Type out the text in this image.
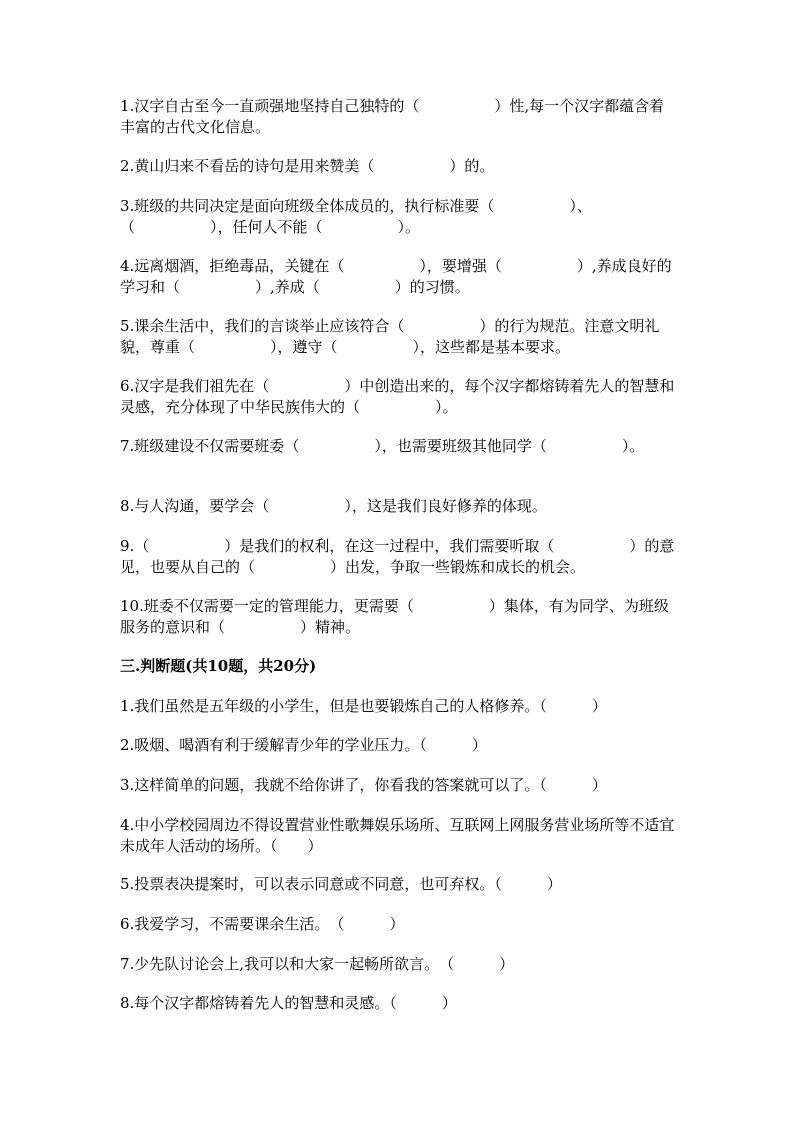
1.汉字自古至今一直顽强地坚持自己独特的（　　　　　）性,每一个汉字都蕴含着丰富的古代文化信息。

2.黄山归来不看岳的诗句是用来赞美（　　　　　）的。

3.班级的共同决定是面向班级全体成员的，执行标准要（　　　　　）、（　　　　　），任何人不能（　　　　　）。

4.远离烟酒，拒绝毒品，关键在（　　　　　），要增强（　　　　　）,养成良好的学习和（　　　　　）,养成（　　　　　）的习惯。

5.课余生活中，我们的言谈举止应该符合（　　　　　）的行为规范。注意文明礼貌，尊重（　　　　　），遵守（　　　　　），这些都是基本要求。

6.汉字是我们祖先在（　　　　　）中创造出来的，每个汉字都熔铸着先人的智慧和灵感，充分体现了中华民族伟大的（　　　　　）。

7.班级建设不仅需要班委（　　　　　），也需要班级其他同学（　　　　　）。

8.与人沟通，要学会（　　　　　），这是我们良好修养的体现。

9.（　　　　　）是我们的权利，在这一过程中，我们需要听取（　　　　　）的意见，也要从自己的（　　　　　）出发，争取一些锻炼和成长的机会。

10.班委不仅需要一定的管理能力，更需要（　　　　　）集体，有为同学、为班级服务的意识和（　　　　　）精神。

三.判断题(共10题，共20分)

1.我们虽然是五年级的小学生，但是也要锻炼自己的人格修养。（　　　）

2.吸烟、喝酒有利于缓解青少年的学业压力。（　　　）

3.这样简单的问题，我就不给你讲了，你看我的答案就可以了。（　　　）

4.中小学校园周边不得设置营业性歌舞娱乐场所、互联网上网服务营业场所等不适宜未成年人活动的场所。（　　）

5.投票表决提案时，可以表示同意或不同意，也可弃权。（　　　）

6.我爱学习，不需要课余生活。　（　　　）

7.少先队讨论会上,我可以和大家一起畅所欲言。　（　　　）

8.每个汉字都熔铸着先人的智慧和灵感。（　　　）
